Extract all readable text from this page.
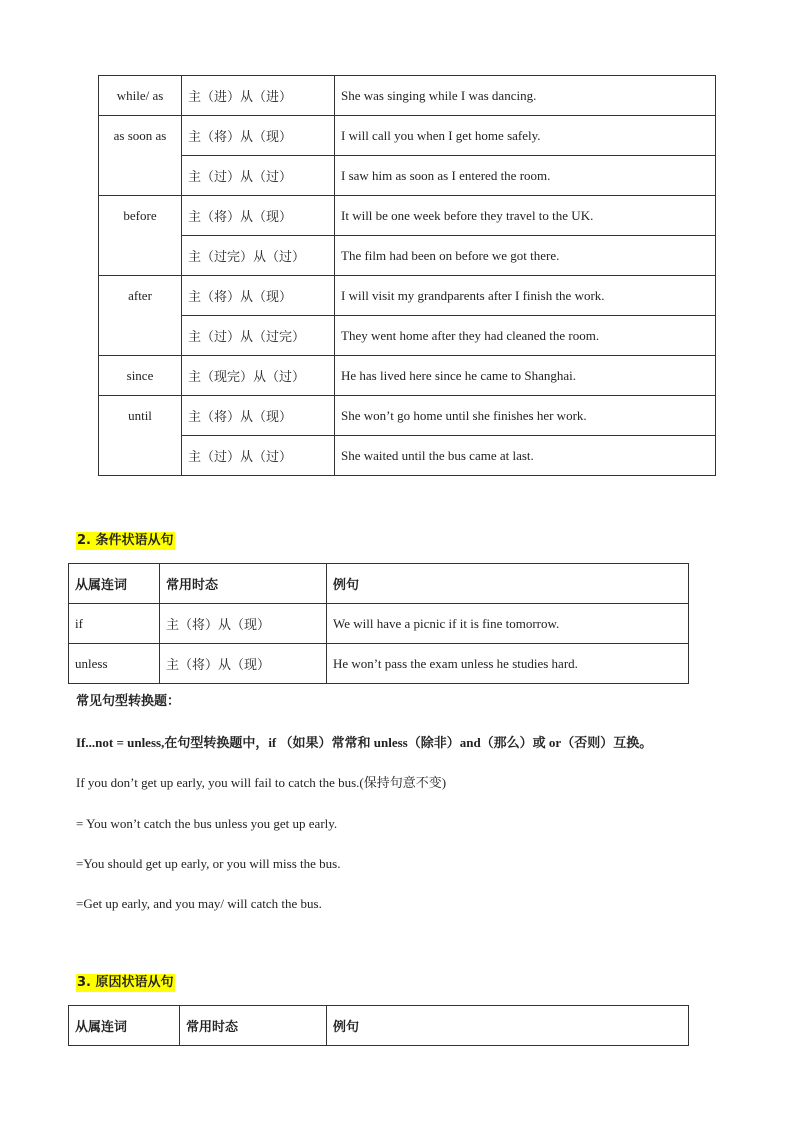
while/ as	主（进）从（进）	She was singing while I was dancing.
as soon as	主（将）从（现）	I will call you when I get home safely.
	主（过）从（过）	I saw him as soon as I entered the room.
before	主（将）从（现）	It will be one week before they travel to the UK.
	主（过完）从（过）	The film had been on before we got there.
after	主（将）从（现）	I will visit my grandparents after I finish the work.
	主（过）从（过完）	They went home after they had cleaned the room.
since	主（现完）从（过）	He has lived here since he came to Shanghai.
until	主（将）从（现）	She won’t go home until she finishes her work.
	主（过）从（过）	She waited until the bus came at last.
2. 条件状语从句
从属连词	常用时态	例句
if	主（将）从（现）	We will have a picnic if it is fine tomorrow.
unless	主（将）从（现）	He won’t pass the exam unless he studies hard.
常见句型转换题：
If...not = unless,在句型转换题中，if （如果）常常和 unless（除非）and（那么）或 or（否则）互换。
If you don’t get up early, you will fail to catch the bus.(保持句意不变)
= You won’t catch the bus unless you get up early.
=You should get up early, or you will miss the bus.
=Get up early, and you may/ will catch the bus.
3. 原因状语从句
从属连词	常用时态	例句
